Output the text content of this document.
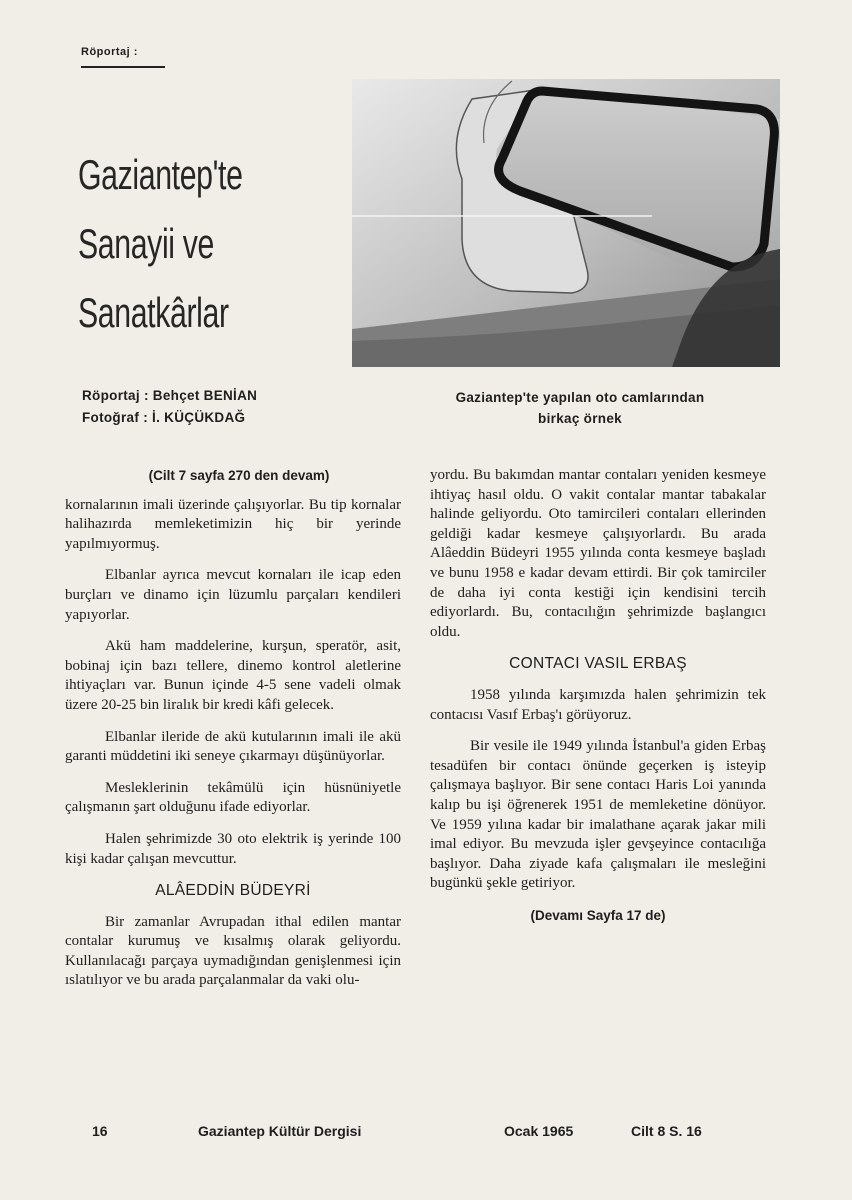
Röportaj :
Gaziantep'te
Sanayii ve
Sanatkârlar
Röportaj : Behçet BENİAN
Fotoğraf : İ. KÜÇÜKDAĞ
Gaziantep'te yapılan oto camlarından
birkaç örnek

(Cilt 7 sayfa 270 den devam)

kornalarının imali üzerinde çalışıyorlar. Bu tip kornalar halihazırda memleketimizin hiç bir yerinde yapılmıyormuş.

Elbanlar ayrıca mevcut kornaları ile icap eden burçları ve dinamo için lüzumlu parçaları kendileri yapıyorlar.

Akü ham maddelerine, kurşun, speratör, asit, bobinaj için bazı tellere, dinemo kontrol aletlerine ihtiyaçları var. Bunun içinde 4-5 sene vadeli olmak üzere 20-25 bin liralık bir kredi kâfi gelecek.

Elbanlar ileride de akü kutularının imali ile akü garanti müddetini iki seneye çıkarmayı düşünüyorlar.

Mesleklerinin tekâmülü için hüsnüniyetle çalışmanın şart olduğunu ifade ediyorlar.

Halen şehrimizde 30 oto elektrik iş yerinde 100 kişi kadar çalışan mevcuttur.

ALÂEDDİN BÜDEYRİ

Bir zamanlar Avrupadan ithal edilen mantar contalar kurumuş ve kısalmış olarak geliyordu. Kullanılacağı parçaya uymadığından genişlenmesi için ıslatılıyor ve bu arada parçalanmalar da vaki olu-

yordu. Bu bakımdan mantar contaları yeniden kesmeye ihtiyaç hasıl oldu. O vakit contalar mantar tabakalar halinde geliyordu. Oto tamircileri contaları ellerinden geldiği kadar kesmeye çalışıyorlardı. Bu arada Alâeddin Büdeyri 1955 yılında conta kesmeye başladı ve bunu 1958 e kadar devam ettirdi. Bir çok tamirciler de daha iyi conta kestiği için kendisini tercih ediyorlardı. Bu, contacılığın şehrimizde başlangıcı oldu.

CONTACI VASIL ERBAŞ

1958 yılında karşımızda halen şehrimizin tek contacısı Vasıf Erbaş'ı görüyoruz.

Bir vesile ile 1949 yılında İstanbul'a giden Erbaş tesadüfen bir contacı önünde geçerken iş isteyip çalışmaya başlıyor. Bir sene contacı Haris Loi yanında kalıp bu işi öğrenerek 1951 de memleketine dönüyor. Ve 1959 yılına kadar bir imalathane açarak jakar mili imal ediyor. Bu mevzuda işler gevşeyince contacılığa başlıyor. Daha ziyade kafa çalışmaları ile mesleğini bugünkü şekle getiriyor.

(Devamı Sayfa 17 de)

16	Gaziantep Kültür Dergisi	Ocak 1965	Cilt 8 S. 16
